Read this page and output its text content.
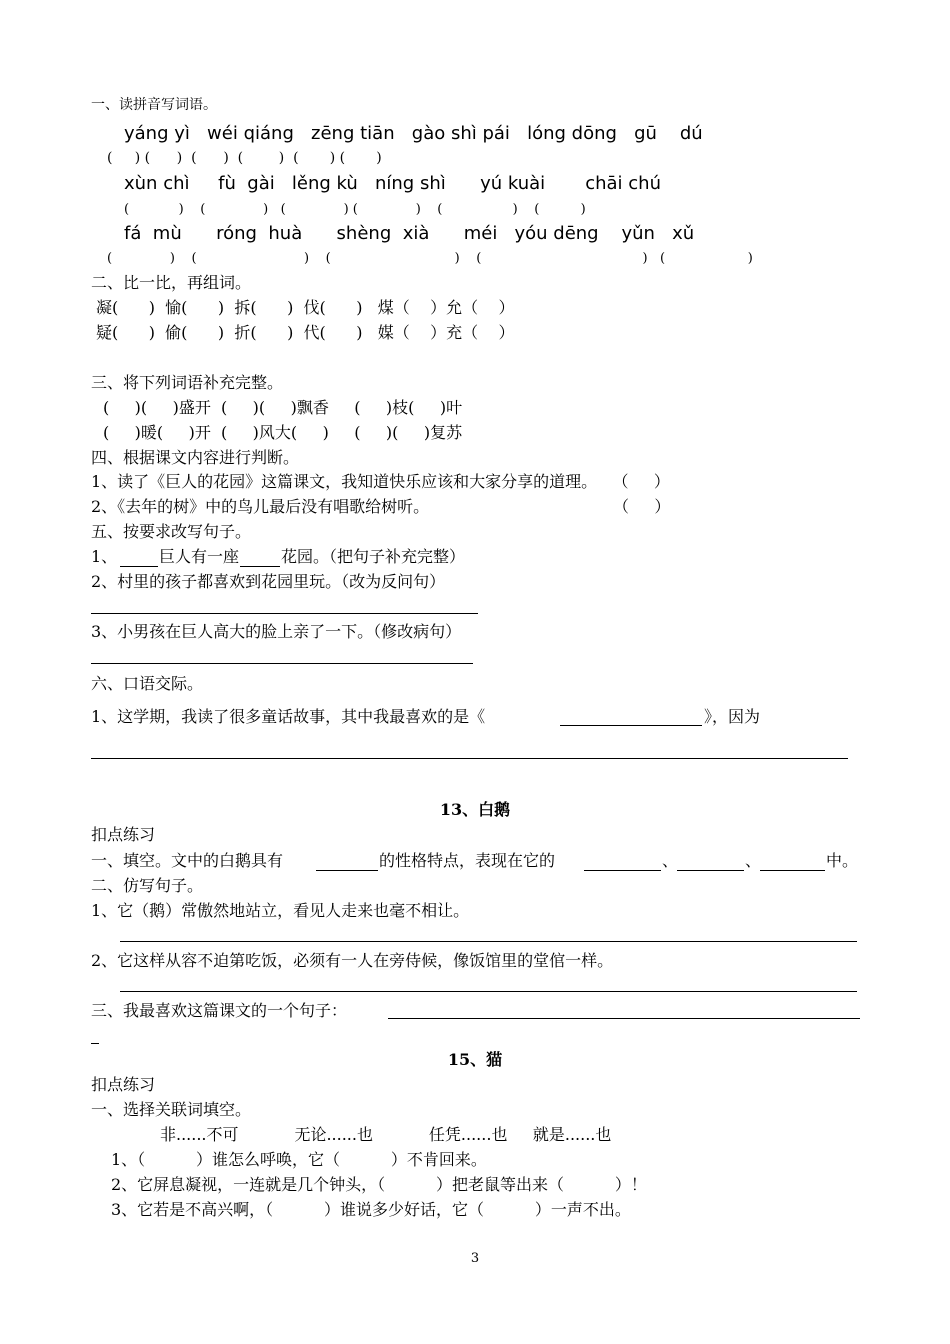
一、读拼音写词语。
yáng yì   wéi qiáng   zēng tiān   gào shì pái   lóng dōng   gū    dú
(     ) (      )  (      )  (        )  (       ) (       )
xùn chì     fù  gài   lěng kù   níng shì      yú kuài       chāi chú
(            )    (              )   (              ) (              )    (                 )    (          )
fá  mù      róng  huà      shèng  xià      méi   yóu dēng    yǔn   xǔ
(              )    (                          )    (                              )    (                                       )   (                    )
二、比一比，再组词。
凝(      )  愉(      )  拆(      )  伐(      )   煤（    ）允（    ）
疑(      )  偷(      )  折(      )  代(      )   媒（    ）充（    ）
三、将下列词语补充完整。
(     )(     )盛开  (     )(     )飘香     (     )枝(     )叶
(     )暖(     )开  (     )风大(     )     (     )(     )复苏
四、根据课文内容进行判断。
1、读了《巨人的花园》这篇课文，我知道快乐应该和大家分享的道理。   （     ）
2、《去年的树》中的鸟儿最后没有唱歌给树听。	（     ）
五、按要求改写句子。
1、	巨人有一座	花园。（把句子补充完整）
2、村里的孩子都喜欢到花园里玩。（改为反问句）
3、小男孩在巨人高大的脸上亲了一下。（修改病句）
六、口语交际。
1、这学期，我读了很多童话故事，其中我最喜欢的是《	》，因为
13、白鹅
扣点练习
一、填空。文中的白鹅具有	的性格特点，表现在它的	、	、	中。
二、仿写句子。
1、它（鹅）常傲然地站立，看见人走来也毫不相让。
2、它这样从容不迫第吃饭，必须有一人在旁侍候，像饭馆里的堂倌一样。
三、我最喜欢这篇课文的一个句子：
15、猫
扣点练习
一、选择关联词填空。
非......不可           无论......也           任凭......也     就是......也
1、（          ）谁怎么呼唤，它（          ）不肯回来。
2、它屏息凝视，一连就是几个钟头，（          ）把老鼠等出来（          ）！
3、它若是不高兴啊，（          ）谁说多少好话，它（          ）一声不出。
3
